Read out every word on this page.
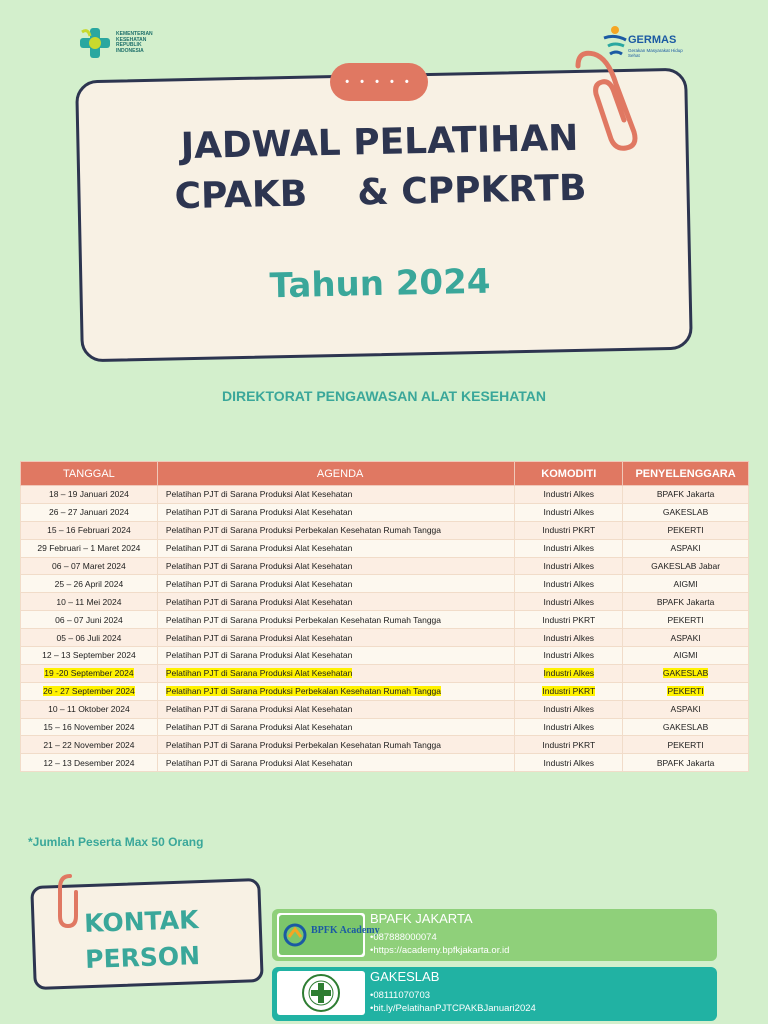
KEMENTERIAN
KESEHATAN
REPUBLIK
INDONESIA
GERMAS
Gerakan Masyarakat Hidup Sehat
• • • • •
JADWAL PELATIHAN
CPAKB    & CPPKRTB
Tahun 2024
DIREKTORAT PENGAWASAN ALAT KESEHATAN
TANGGAL	AGENDA	KOMODITI	PENYELENGGARA
18 – 19 Januari 2024	Pelatihan PJT di Sarana Produksi Alat Kesehatan	Industri Alkes	BPAFK Jakarta
26 – 27 Januari 2024	Pelatihan PJT di Sarana Produksi Alat Kesehatan	Industri Alkes	GAKESLAB
15 – 16 Februari 2024	Pelatihan PJT di Sarana Produksi Perbekalan Kesehatan Rumah Tangga	Industri PKRT	PEKERTI
29 Februari – 1 Maret 2024	Pelatihan PJT di Sarana Produksi Alat Kesehatan	Industri Alkes	ASPAKI
06 – 07 Maret 2024	Pelatihan PJT di Sarana Produksi Alat Kesehatan	Industri Alkes	GAKESLAB Jabar
25 – 26 April 2024	Pelatihan PJT di Sarana Produksi Alat Kesehatan	Industri Alkes	AIGMI
10 – 11 Mei 2024	Pelatihan PJT di Sarana Produksi Alat Kesehatan	Industri Alkes	BPAFK Jakarta
06 – 07 Juni 2024	Pelatihan PJT di Sarana Produksi Perbekalan Kesehatan Rumah Tangga	Industri PKRT	PEKERTI
05 – 06 Juli 2024	Pelatihan PJT di Sarana Produksi Alat Kesehatan	Industri Alkes	ASPAKI
12 – 13 September 2024	Pelatihan PJT di Sarana Produksi Alat Kesehatan	Industri Alkes	AIGMI
19 -20 September 2024	Pelatihan PJT di Sarana Produksi Alat Kesehatan	Industri Alkes	GAKESLAB
26 - 27 September 2024	Pelatihan PJT di Sarana Produksi Perbekalan Kesehatan Rumah Tangga	Industri PKRT	PEKERTI
10 – 11 Oktober 2024	Pelatihan PJT di Sarana Produksi Alat Kesehatan	Industri Alkes	ASPAKI
15 – 16 November 2024	Pelatihan PJT di Sarana Produksi Alat Kesehatan	Industri Alkes	GAKESLAB
21 – 22 November 2024	Pelatihan PJT di Sarana Produksi Perbekalan Kesehatan Rumah Tangga	Industri PKRT	PEKERTI
12 – 13 Desember 2024	Pelatihan PJT di Sarana Produksi Alat Kesehatan	Industri Alkes	BPAFK Jakarta
*Jumlah Peserta Max 50 Orang
KONTAK
PERSON
BPFK Academy
BPAFK JAKARTA
•087888000074
•https://academy.bpfkjakarta.or.id
GAKESLAB
•08111070703
•bit.ly/PelatihanPJTCPAKBJanuari2024
